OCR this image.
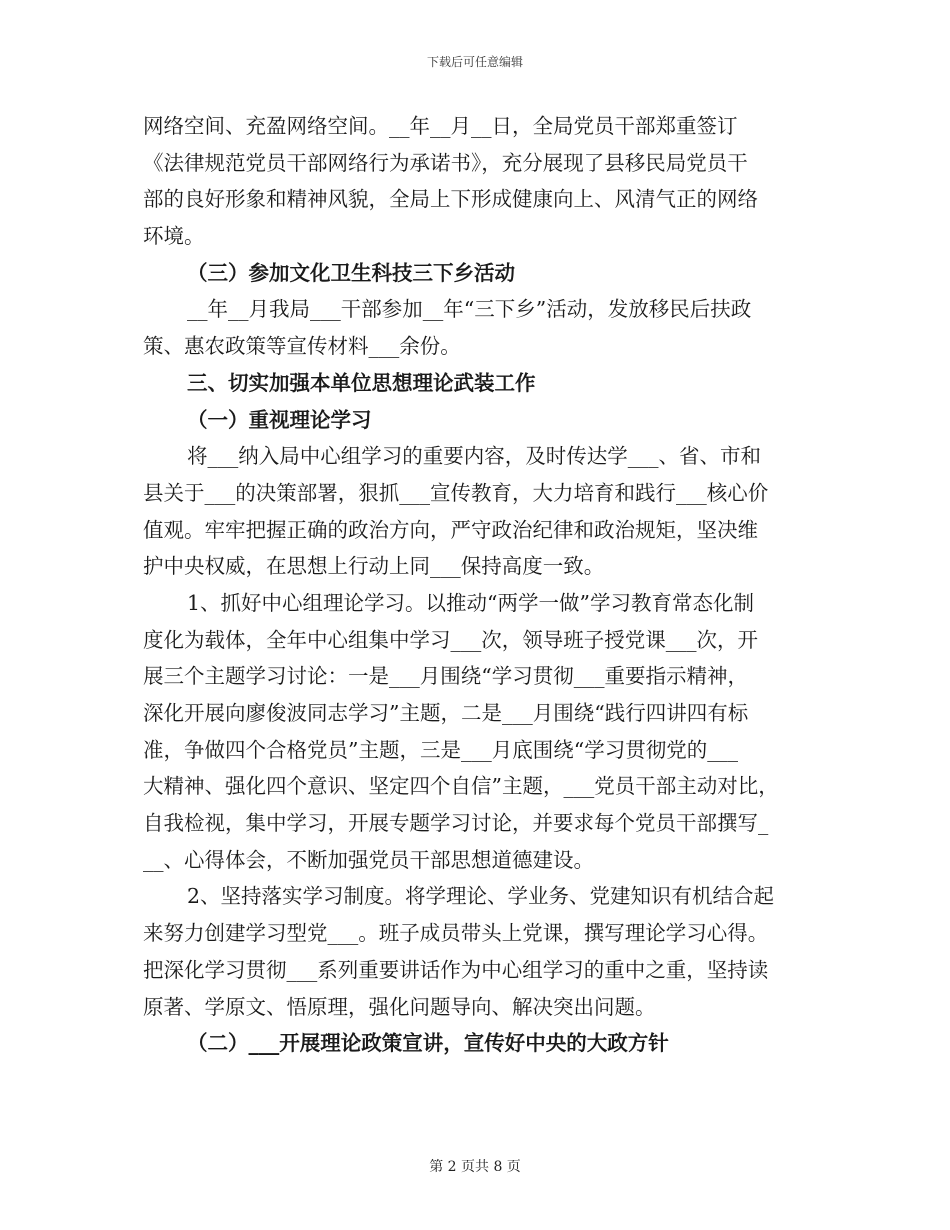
下载后可任意编辑
网络空间、充盈网络空间。__年__月__日，全局党员干部郑重签订
《法律规范党员干部网络行为承诺书》，充分展现了县移民局党员干
部的良好形象和精神风貌，全局上下形成健康向上、风清气正的网络
环境。
（三）参加文化卫生科技三下乡活动
__年__月我局___干部参加__年“三下乡”活动，发放移民后扶政
策、惠农政策等宣传材料___余份。
三、切实加强本单位思想理论武装工作
（一）重视理论学习
将___纳入局中心组学习的重要内容，及时传达学___、省、市和
县关于___的决策部署，狠抓___宣传教育，大力培育和践行___核心价
值观。牢牢把握正确的政治方向，严守政治纪律和政治规矩，坚决维
护中央权威，在思想上行动上同___保持高度一致。
1、抓好中心组理论学习。以推动“两学一做”学习教育常态化制
度化为载体，全年中心组集中学习___次，领导班子授党课___次，开
展三个主题学习讨论：一是___月围绕“学习贯彻___重要指示精神，
深化开展向廖俊波同志学习”主题，二是___月围绕“践行四讲四有标
准，争做四个合格党员”主题，三是___月底围绕“学习贯彻党的___
大精神、强化四个意识、坚定四个自信”主题，___党员干部主动对比，
自我检视，集中学习，开展专题学习讨论，并要求每个党员干部撰写_
__、心得体会，不断加强党员干部思想道德建设。
2、坚持落实学习制度。将学理论、学业务、党建知识有机结合起
来努力创建学习型党___。班子成员带头上党课，撰写理论学习心得。
把深化学习贯彻___系列重要讲话作为中心组学习的重中之重，坚持读
原著、学原文、悟原理，强化问题导向、解决突出问题。
（二）___开展理论政策宣讲，宣传好中央的大政方针
第 2 页共 8 页
